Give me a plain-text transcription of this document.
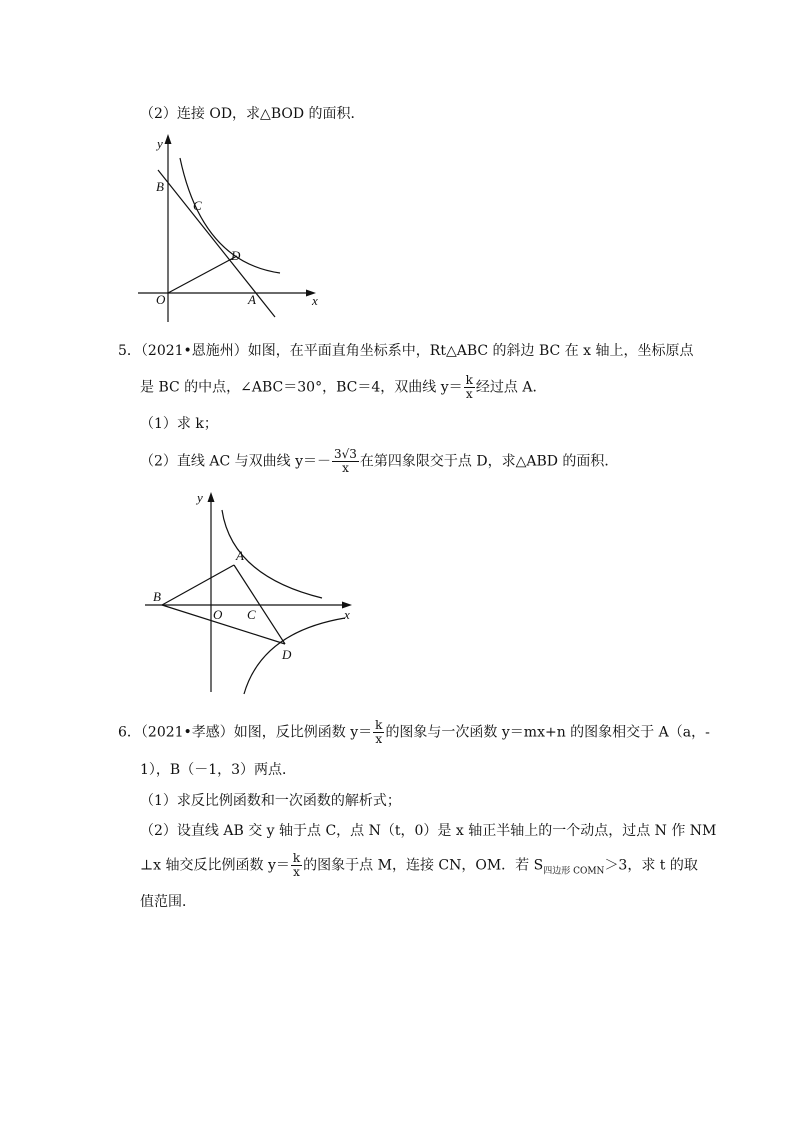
（2）连接 OD，求△BOD 的面积．
y
x
B
C
D
O	A
5．（2021•恩施州）如图，在平面直角坐标系中，Rt△ABC 的斜边 BC 在 x 轴上，坐标原点
是 BC 的中点，∠ABC＝30°，BC＝4，双曲线 $y= \frac{k}{x}$ 经过点 A．
（1）求 k；
（2）直线 AC 与双曲线 $y=- \frac{3√3}{x}$ 在第四象限交于点 D，求△ABD 的面积．
y
x
A
B
O C
D
6．（2021•孝感）如图，反比例函数 $y= \frac{k}{x}$ 的图象与一次函数 y＝mx+n 的图象相交于 A（a，-
1），B（－1，3）两点．
（1）求反比例函数和一次函数的解析式；
（2）设直线 AB 交 y 轴于点 C，点 N（t，0）是 x 轴正半轴上的一个动点，过点 N 作 NM
⊥x 轴交反比例函数 $y= \frac{k}{x}$ 的图象于点 M，连接 CN，OM．若 $S_{四边形 COMN}>3$，求 t 的取
值范围．
